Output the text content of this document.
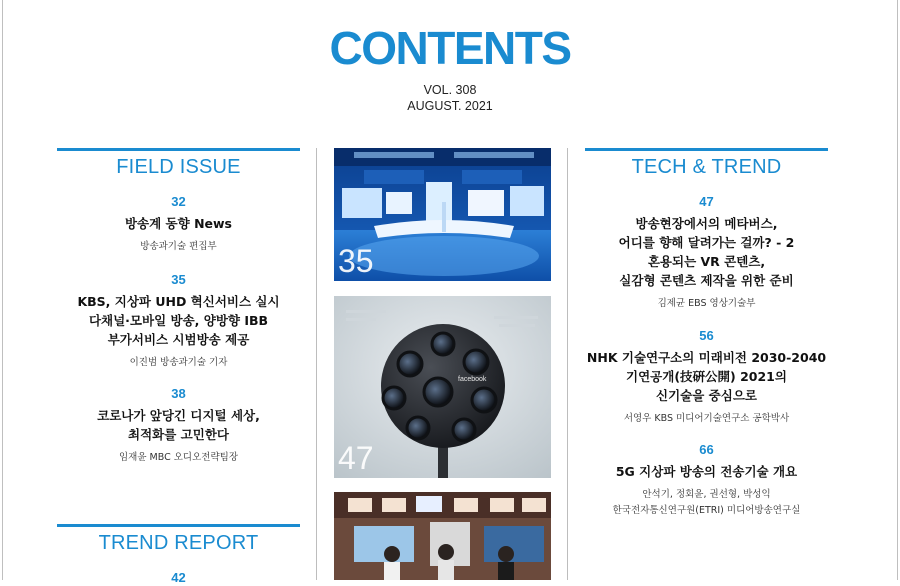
CONTENTS
VOL. 308
AUGUST. 2021
FIELD ISSUE
32
방송계 동향 News
방송과기술 편집부
35
KBS, 지상파 UHD 혁신서비스 실시
다채널·모바일 방송, 양방향 IBB
부가서비스 시범방송 제공
이진범 방송과기술 기자
38
코로나가 앞당긴 디지털 세상,
최적화를 고민한다
임재윤 MBC 오디오전략팀장
TREND REPORT
42
TECH & TREND
47
방송현장에서의 메타버스,
어디를 향해 달려가는 걸까? - 2
혼용되는 VR 콘텐츠,
실감형 콘텐츠 제작을 위한 준비
김제균 EBS 영상기술부
56
NHK 기술연구소의 미래비전 2030-2040
기연공개(技硏公開) 2021의
신기술을 중심으로
서영우 KBS 미디어기술연구소 공학박사
66
5G 지상파 방송의 전송기술 개요
안석기, 정회윤, 권선형, 박성익
한국전자통신연구원(ETRI) 미디어방송연구실
35
facebook
47
